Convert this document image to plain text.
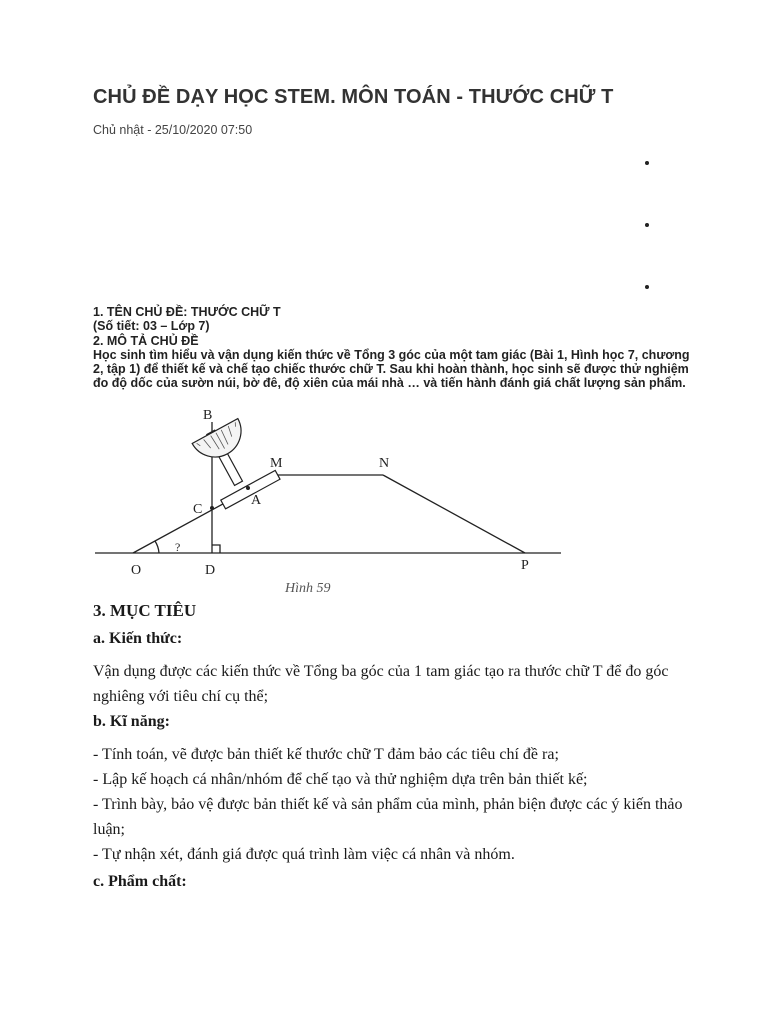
CHỦ ĐỀ DẠY HỌC STEM. MÔN TOÁN - THƯỚC CHỮ T
Chủ nhật - 25/10/2020 07:50

1. TÊN CHỦ ĐỀ: THƯỚC CHỮ T

(Số tiết: 03 – Lớp 7)

2. MÔ TẢ CHỦ ĐỀ

Học sinh tìm hiểu và vận dụng kiến thức về Tổng 3 góc của một tam giác (Bài 1, Hình học 7, chương 2, tập 1) để thiết kế và chế tạo chiếc thước chữ T. Sau khi hoàn thành, học sinh sẽ được thử nghiệm đo độ dốc của sườn núi, bờ đê, độ xiên của mái nhà … và tiến hành đánh giá chất lượng sản phẩm.

B
M	N
A
C
O	D	P
?
Hình 59
3. MỤC TIÊU
a. Kiến thức:
Vận dụng được các kiến thức về Tổng ba góc của 1 tam giác tạo ra thước chữ T để đo góc nghiêng với tiêu chí cụ thể;
b. Kĩ năng:

- Tính toán, vẽ được bản thiết kế thước chữ T đảm bảo các tiêu chí đề ra;

- Lập kế hoạch cá nhân/nhóm để chế tạo và thử nghiệm dựa trên bản thiết kế;

- Trình bày, bảo vệ được bản thiết kế và sản phẩm của mình, phản biện được các ý kiến thảo luận;

- Tự nhận xét, đánh giá được quá trình làm việc cá nhân và nhóm.

c. Phẩm chất:
